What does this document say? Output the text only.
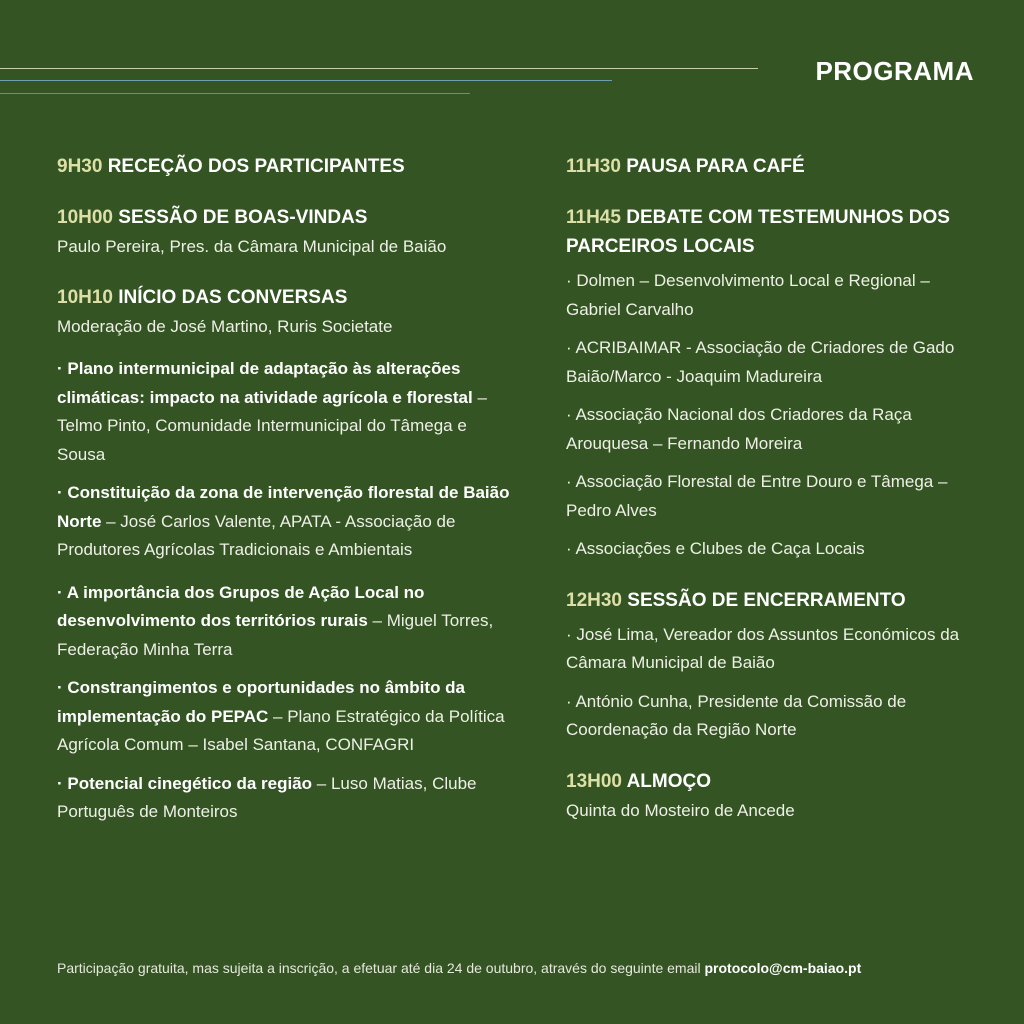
PROGRAMA
9H30 RECEÇÃO DOS PARTICIPANTES
10H00 SESSÃO DE BOAS-VINDAS
Paulo Pereira, Pres. da Câmara Municipal de Baião
10H10 INÍCIO DAS CONVERSAS
Moderação de José Martino, Ruris Societate
· Plano intermunicipal de adaptação às alterações climáticas: impacto na atividade agrícola e florestal – Telmo Pinto, Comunidade Intermunicipal do Tâmega e Sousa
· Constituição da zona de intervenção florestal de Baião Norte – José Carlos Valente, APATA - Associação de Produtores Agrícolas Tradicionais e Ambientais
· A importância dos Grupos de Ação Local no desenvolvimento dos territórios rurais – Miguel Torres, Federação Minha Terra
· Constrangimentos e oportunidades no âmbito da implementação do PEPAC – Plano Estratégico da Política Agrícola Comum – Isabel Santana, CONFAGRI
· Potencial cinegético da região – Luso Matias, Clube Português de Monteiros
11H30 PAUSA PARA CAFÉ
11H45 DEBATE COM TESTEMUNHOS DOS PARCEIROS LOCAIS
· Dolmen – Desenvolvimento Local e Regional – Gabriel Carvalho
· ACRIBAIMAR - Associação de Criadores de Gado Baião/Marco - Joaquim Madureira
· Associação Nacional dos Criadores da Raça Arouquesa – Fernando Moreira
· Associação Florestal de Entre Douro e Tâmega – Pedro Alves
· Associações e Clubes de Caça Locais
12H30 SESSÃO DE ENCERRAMENTO
· José Lima, Vereador dos Assuntos Económicos da Câmara Municipal de Baião
· António Cunha, Presidente da Comissão de Coordenação da Região Norte
13H00 ALMOÇO
Quinta do Mosteiro de Ancede
Participação gratuita, mas sujeita a inscrição, a efetuar até dia 24 de outubro, através do seguinte email protocolo@cm-baiao.pt
